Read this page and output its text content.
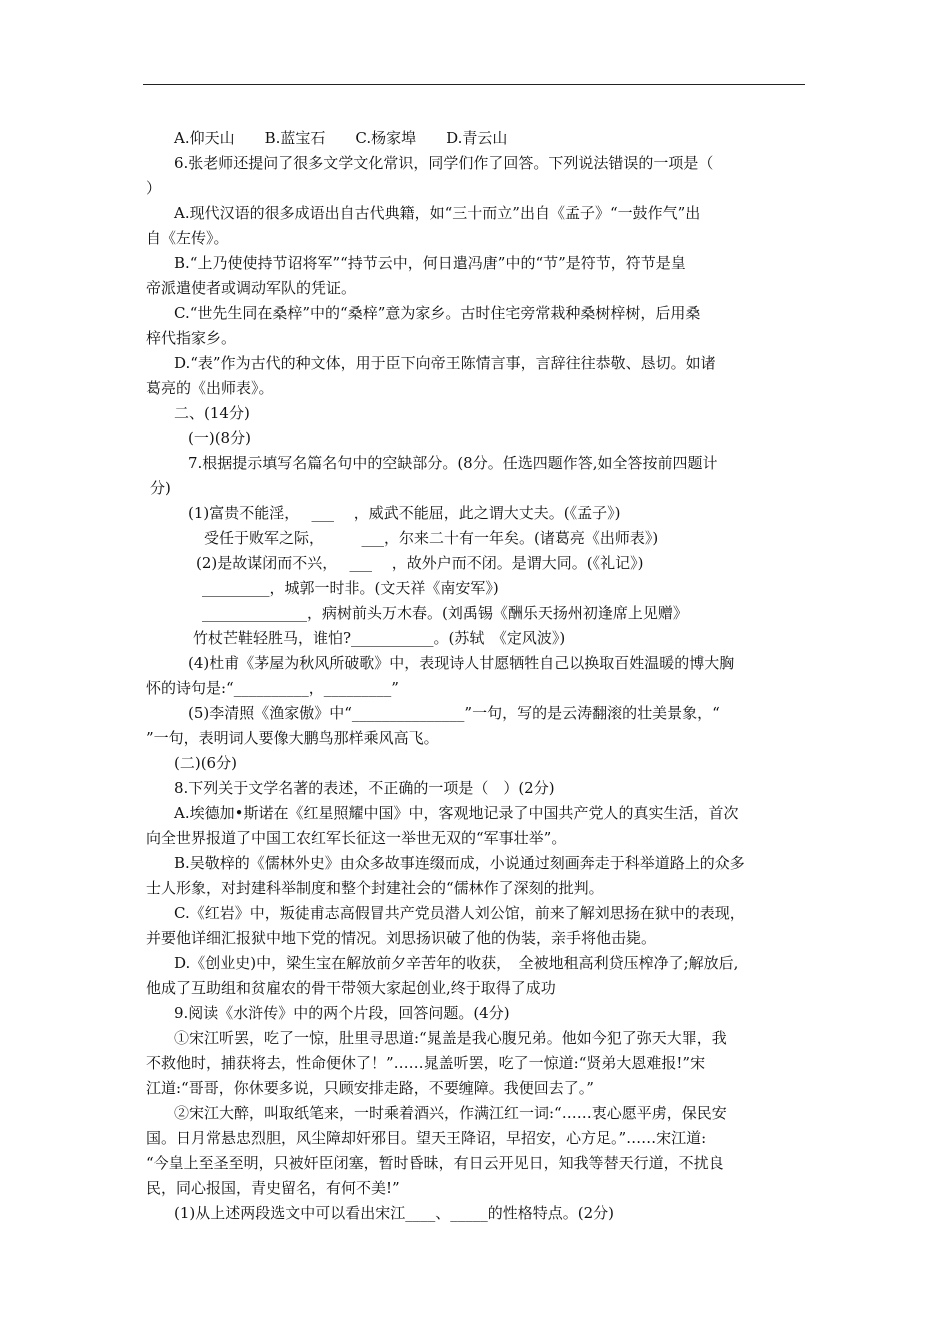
A.仰天山　　B.蓝宝石　　C.杨家埠　　D.青云山
6.张老师还提问了很多文学文化常识，同学们作了回答。下列说法错误的一项是（
）
A.现代汉语的很多成语出自古代典籍，如“三十而立”出自《孟子》“一鼓作气”出
自《左传》。
B.“上乃使使持节诏将军”“持节云中，何日遣冯唐”中的“节”是符节，符节是皇
帝派遣使者或调动军队的凭证。
C.“世先生同在桑梓”中的“桑梓”意为家乡。古时住宅旁常栽种桑树梓树，后用桑
梓代指家乡。
D.“表”作为古代的种文体，用于臣下向帝王陈情言事，言辞往往恭敬、恳切。如诸
葛亮的《出师表》。
二、(14分)
(一)(8分)
7.根据提示填写名篇名句中的空缺部分。(8分。任选四题作答,如全答按前四题计
分)
(1)富贵不能淫，　 ___　 ，威武不能屈，此之谓大丈夫。(《孟子》)
受任于败军之际，　　　___，尔来二十有一年矣。(诸葛亮《出师表》)
(2)是故谋闭而不兴，　 ___　 ，故外户而不闭。是谓大同。(《礼记》)
_________，城郭一时非。(文天祥《南安军》)
______________，病树前头万木春。(刘禹锡《酬乐天扬州初逢席上见赠》
竹杖芒鞋轻胜马，谁怕?___________。(苏轼　《定风波》)
(4)杜甫《茅屋为秋风所破歌》中，表现诗人甘愿牺牲自己以换取百姓温暖的博大胸
怀的诗句是:“__________，_________”
(5)李清照《渔家傲》中“_______________”一句，写的是云涛翻滚的壮美景象，“
”一句，表明词人要像大鹏鸟那样乘风高飞。
(二)(6分)
8.下列关于文学名著的表述，不正确的一项是（　）(2分)
A.埃德加•斯诺在《红星照耀中国》中，客观地记录了中国共产党人的真实生活，首次
向全世界报道了中国工农红军长征这一举世无双的“军事壮举”。
B.吴敬梓的《儒林外史》由众多故事连缀而成，小说通过刻画奔走于科举道路上的众多
士人形象，对封建科举制度和整个封建社会的“儒林作了深刻的批判。
C.《红岩》中，叛徒甫志高假冒共产党员潜人刘公馆，前来了解刘思扬在狱中的表现，
并要他详细汇报狱中地下党的情况。刘思扬识破了他的伪装，亲手将他击毙。
D.《创业史)中，梁生宝在解放前夕辛苦年的收获，　全被地租高利贷压榨净了;解放后,
他成了互助组和贫雇农的骨干带领大家起创业,终于取得了成功
9.阅读《水浒传》中的两个片段，回答问题。(4分)
①宋江听罢，吃了一惊，肚里寻思道:“晁盖是我心腹兄弟。他如今犯了弥天大罪，我
不救他时，捕获将去，性命便休了！”……晁盖听罢，吃了一惊道:“贤弟大恩难报!”宋
江道:“哥哥，你休要多说，只顾安排走路，不要缠障。我便回去了。”
②宋江大醉，叫取纸笔来，一时乘着酒兴，作满江红一词:“……衷心愿平虏，保民安
国。日月常悬忠烈胆，风尘障却奸邪目。望天王降诏，早招安，心方足。”……宋江道:
“今皇上至圣至明，只被奸臣闭塞，暂时昏昧，有日云开见日，知我等替天行道，不扰良
民，同心报国，青史留名，有何不美!”
(1)从上述两段选文中可以看出宋江____、_____的性格特点。(2分)
